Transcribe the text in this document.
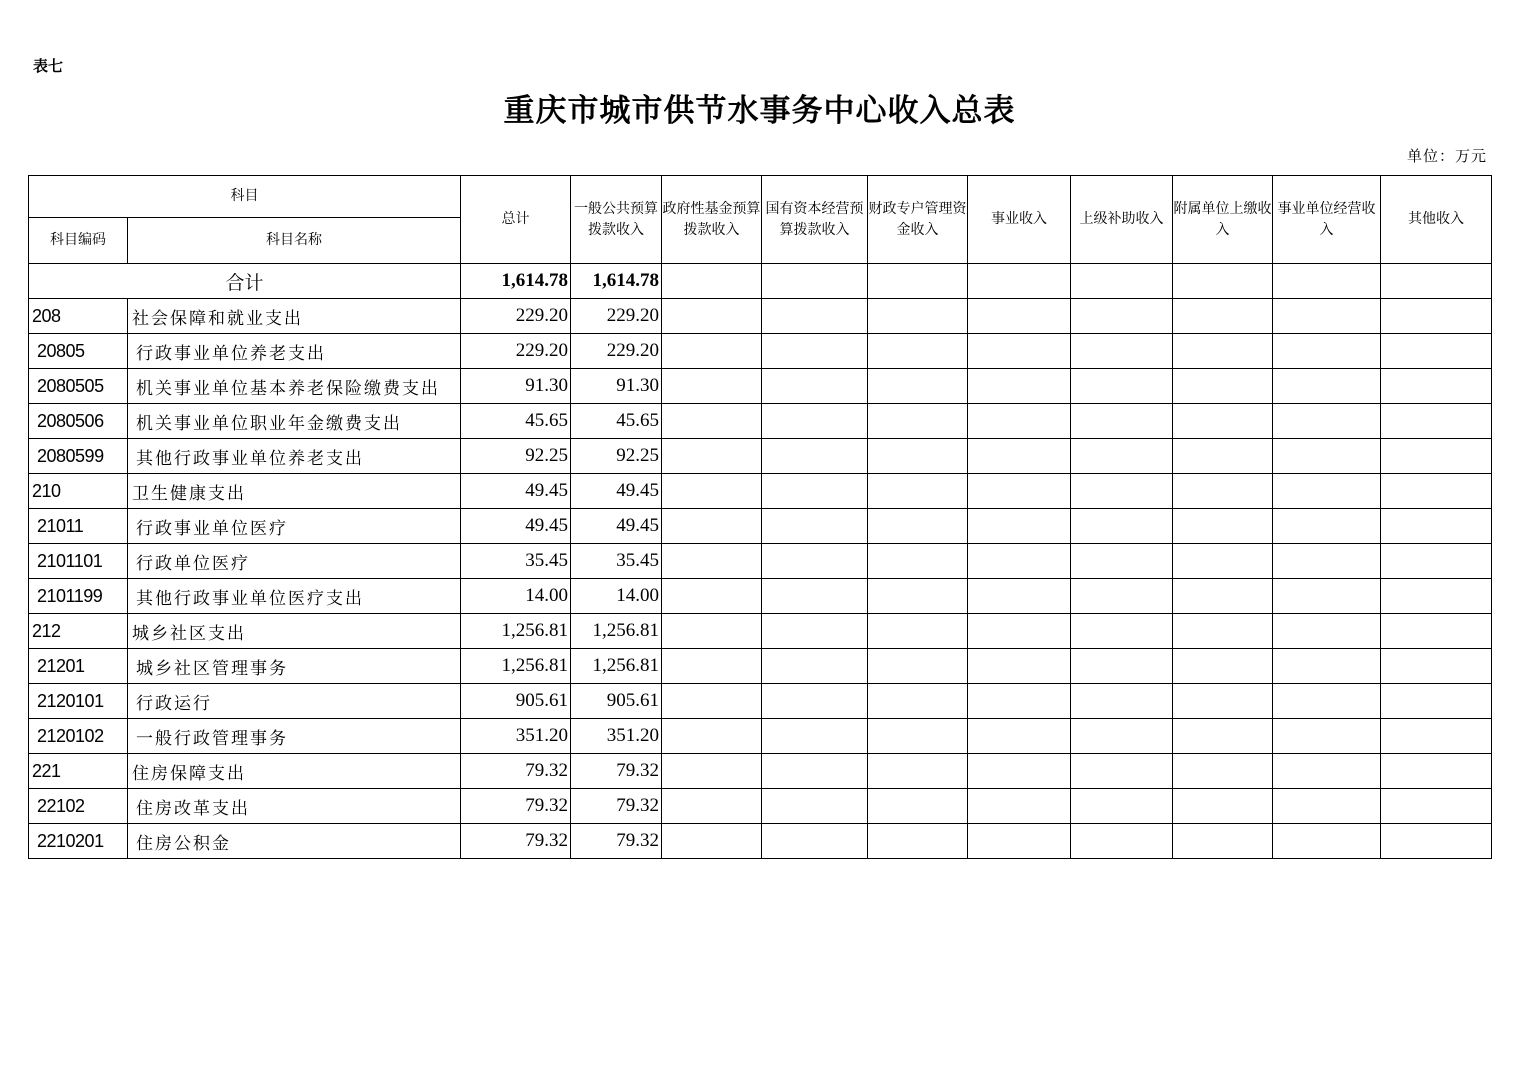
表七
重庆市城市供节水事务中心收入总表
单位：万元
科目		总计	一般公共预算拨款收入	政府性基金预算拨款收入	国有资本经营预算拨款收入	财政专户管理资金收入	事业收入	上级补助收入	附属单位上缴收入	事业单位经营收入	其他收入
科目编码	科目名称										
合计		1,614.78	1,614.78								
208	社会保障和就业支出	229.20	229.20								
20805	行政事业单位养老支出	229.20	229.20								
2080505	机关事业单位基本养老保险缴费支出	91.30	91.30								
2080506	机关事业单位职业年金缴费支出	45.65	45.65								
2080599	其他行政事业单位养老支出	92.25	92.25								
210	卫生健康支出	49.45	49.45								
21011	行政事业单位医疗	49.45	49.45								
2101101	行政单位医疗	35.45	35.45								
2101199	其他行政事业单位医疗支出	14.00	14.00								
212	城乡社区支出	1,256.81	1,256.81								
21201	城乡社区管理事务	1,256.81	1,256.81								
2120101	行政运行	905.61	905.61								
2120102	一般行政管理事务	351.20	351.20								
221	住房保障支出	79.32	79.32								
22102	住房改革支出	79.32	79.32								
2210201	住房公积金	79.32	79.32								
